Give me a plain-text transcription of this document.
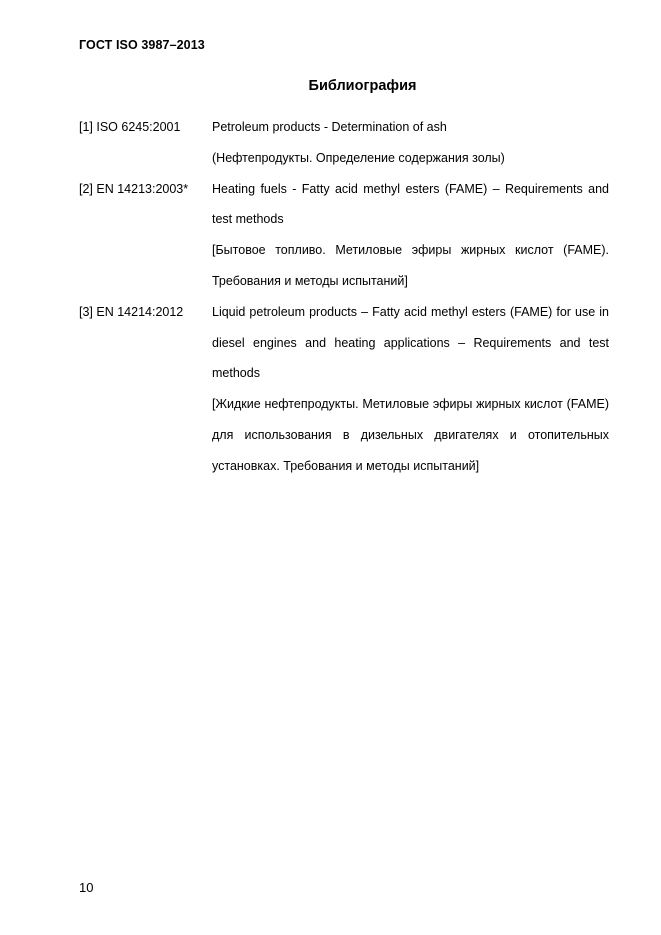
ГОСТ ISO 3987–2013
Библиография
[1] ISO 6245:2001	Petroleum products - Determination of ash
(Нефтепродукты. Определение содержания золы)
[2] EN 14213:2003*	Heating fuels - Fatty acid methyl esters (FAME) – Requirements and test methods
[Бытовое топливо. Метиловые эфиры жирных кислот (FAME). Требования и методы испытаний]
[3] EN 14214:2012	Liquid petroleum products – Fatty acid methyl esters (FAME) for use in diesel engines and heating applications – Requirements and test methods
[Жидкие нефтепродукты. Метиловые эфиры жирных кислот (FAME) для использования в дизельных двигателях и отопительных установках. Требования и методы испытаний]
10
